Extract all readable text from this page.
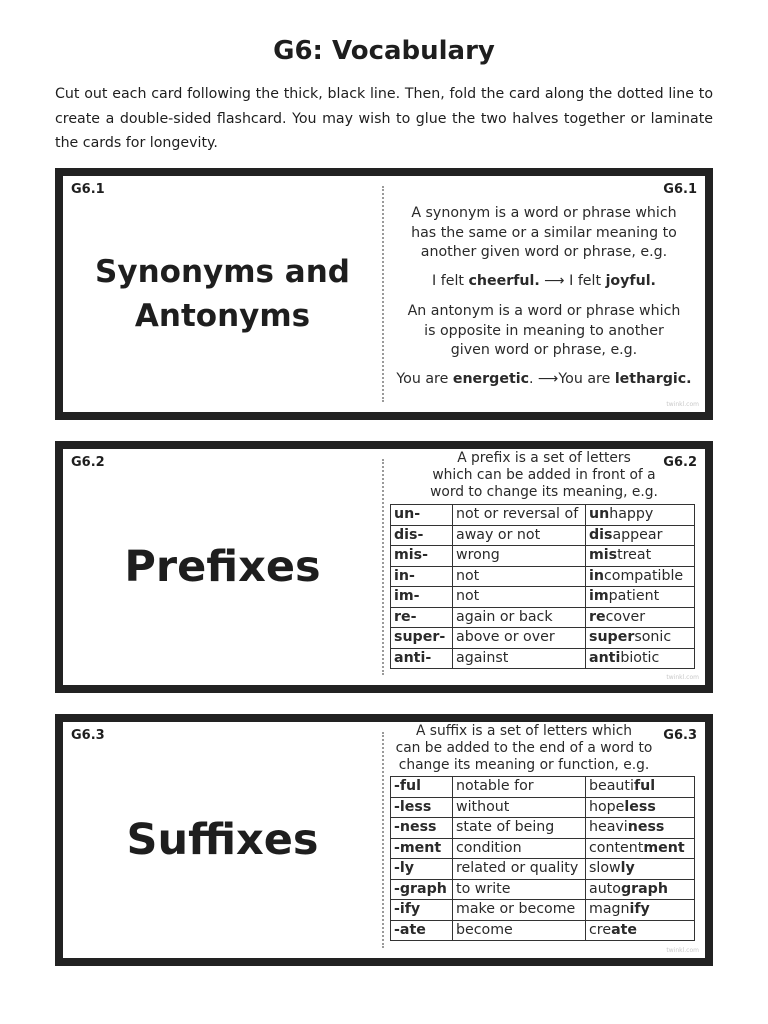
G6: Vocabulary
Cut out each card following the thick, black line. Then, fold the card along the dotted line to create a double-sided flashcard. You may wish to glue the two halves together or laminate the cards for longevity.
G6.1	G6.1
Synonyms and
Antonyms

A synonym is a word or phrase which

has the same or a similar meaning to

another given word or phrase, e.g.

I felt cheerful. ⟶ I felt joyful.

An antonym is a word or phrase which

is opposite in meaning to another

given word or phrase, e.g.

You are energetic. ⟶You are lethargic.
twinkl.com
G6.2	G6.2
Prefixes

A prefix is a set of letters

which can be added in front of a

word to change its meaning, e.g.

un-	not or reversal of	unhappy
dis-	away or not	disappear
mis-	wrong	mistreat
in-	not	incompatible
im-	not	impatient
re-	again or back	recover
super-	above or over	supersonic
anti-	against	antibiotic
twinkl.com
G6.3	G6.3
Suffixes

A suffix is a set of letters which

can be added to the end of a word to

change its meaning or function, e.g.

-ful	notable for	beautiful
-less	without	hopeless
-ness	state of being	heaviness
-ment	condition	contentment
-ly	related or quality	slowly
-graph	to write	autograph
-ify	make or become	magnify
-ate	become	create
twinkl.com
